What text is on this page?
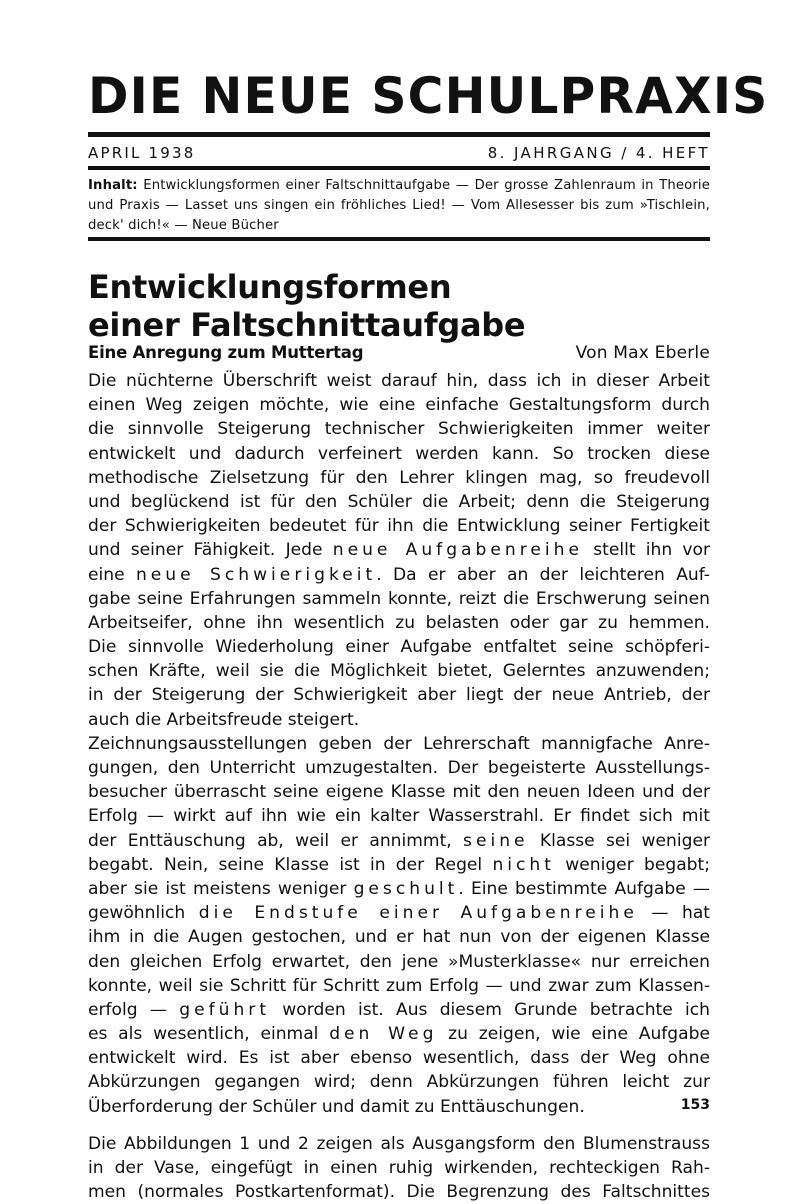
DIE NEUE SCHULPRAXIS
APRIL 1938	8. JAHRGANG / 4. HEFT
Inhalt: Entwicklungsformen einer Faltschnittaufgabe — Der grosse Zahlenraum in Theorie und Praxis — Lasset uns singen ein fröhliches Lied! — Vom Allesesser bis zum »Tischlein, deck' dich!« — Neue Bücher
Entwicklungsformen
einer Faltschnittaufgabe
Eine Anregung zum Muttertag	Von Max Eberle
Die nüchterne Überschrift weist darauf hin, dass ich in dieser Arbeit
einen Weg zeigen möchte, wie eine einfache Gestaltungsform durch
die sinnvolle Steigerung technischer Schwierigkeiten immer weiter
entwickelt und dadurch verfeinert werden kann. So trocken diese
methodische Zielsetzung für den Lehrer klingen mag, so freudevoll
und beglückend ist für den Schüler die Arbeit; denn die Steigerung
der Schwierigkeiten bedeutet für ihn die Entwicklung seiner Fertigkeit
und seiner Fähigkeit. Jede neue Aufgabenreihe stellt ihn vor
eine neue Schwierigkeit. Da er aber an der leichteren Auf-
gabe seine Erfahrungen sammeln konnte, reizt die Erschwerung seinen
Arbeitseifer, ohne ihn wesentlich zu belasten oder gar zu hemmen.
Die sinnvolle Wiederholung einer Aufgabe entfaltet seine schöpferi-
schen Kräfte, weil sie die Möglichkeit bietet, Gelerntes anzuwenden;
in der Steigerung der Schwierigkeit aber liegt der neue Antrieb, der
auch die Arbeitsfreude steigert.
Zeichnungsausstellungen geben der Lehrerschaft mannigfache Anre-
gungen, den Unterricht umzugestalten. Der begeisterte Ausstellungs-
besucher überrascht seine eigene Klasse mit den neuen Ideen und der
Erfolg — wirkt auf ihn wie ein kalter Wasserstrahl. Er findet sich mit
der Enttäuschung ab, weil er annimmt, seine Klasse sei weniger
begabt. Nein, seine Klasse ist in der Regel nicht weniger begabt;
aber sie ist meistens weniger geschult. Eine bestimmte Aufgabe —
gewöhnlich die Endstufe einer Aufgabenreihe — hat
ihm in die Augen gestochen, und er hat nun von der eigenen Klasse
den gleichen Erfolg erwartet, den jene »Musterklasse« nur erreichen
konnte, weil sie Schritt für Schritt zum Erfolg — und zwar zum Klassen-
erfolg — geführt worden ist. Aus diesem Grunde betrachte ich
es als wesentlich, einmal den Weg zu zeigen, wie eine Aufgabe
entwickelt wird. Es ist aber ebenso wesentlich, dass der Weg ohne
Abkürzungen gegangen wird; denn Abkürzungen führen leicht zur
Überforderung der Schüler und damit zu Enttäuschungen.
Die Abbildungen 1 und 2 zeigen als Ausgangsform den Blumenstrauss
in der Vase, eingefügt in einen ruhig wirkenden, rechteckigen Rah-
men (normales Postkartenformat). Die Begrenzung des Faltschnittes
153
